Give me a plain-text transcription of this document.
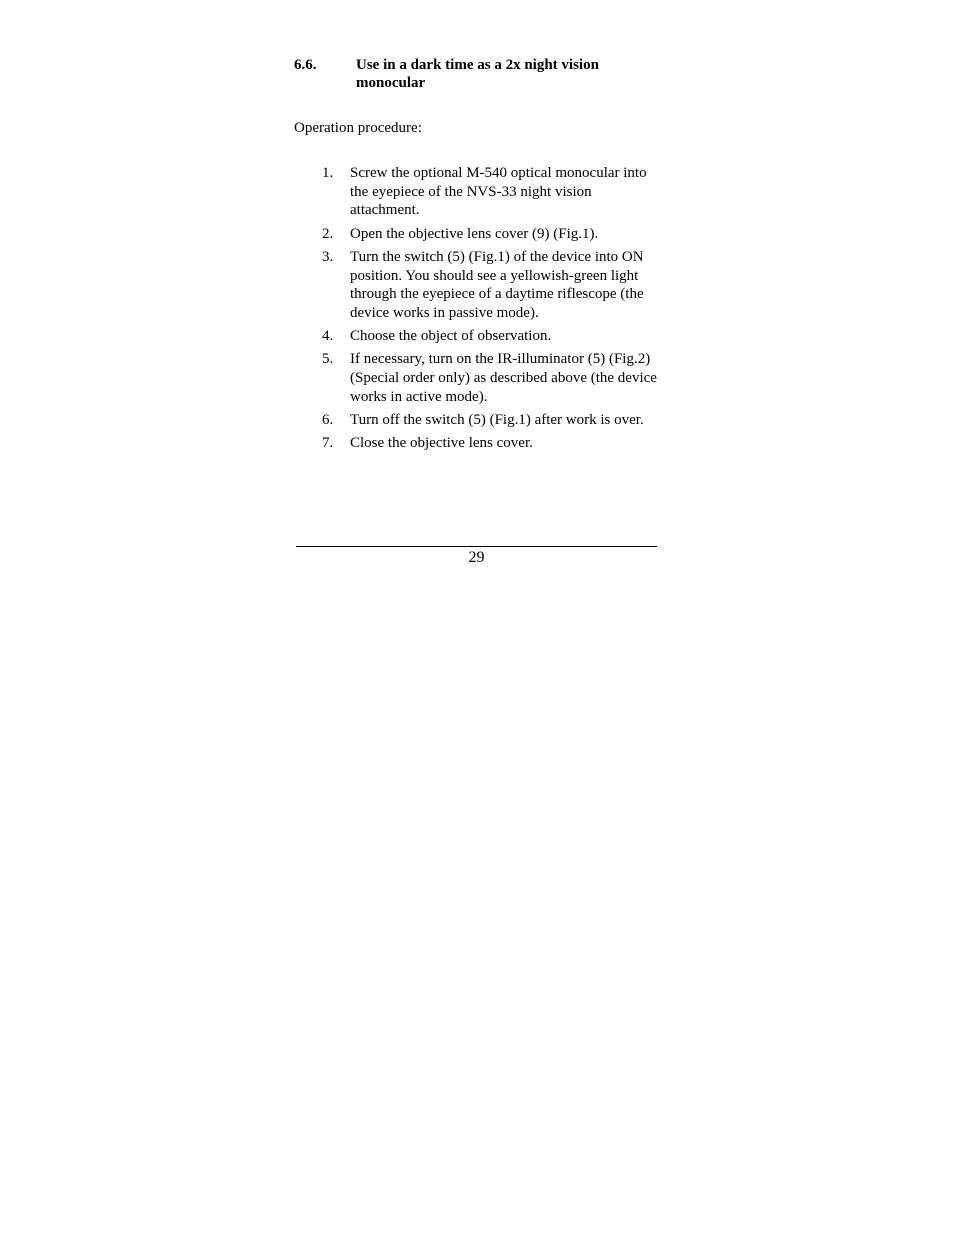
6.6.	Use in a dark time as a 2x night vision monocular
Operation procedure:
1.	Screw the optional M-540 optical monocular into the eyepiece of the NVS-33 night vision attachment.
2.	Open the objective lens cover (9) (Fig.1).
3.	Turn the switch (5) (Fig.1) of the device into ON position. You should see a yellowish-green light through the eyepiece of a daytime riflescope (the device works in passive mode).
4.	Choose the object of observation.
5.	If necessary, turn on the IR-illuminator (5) (Fig.2) (Special order only) as described above (the device works in active mode).
6.	Turn off the switch (5) (Fig.1) after work is over.
7.	Close the objective lens cover.
29
